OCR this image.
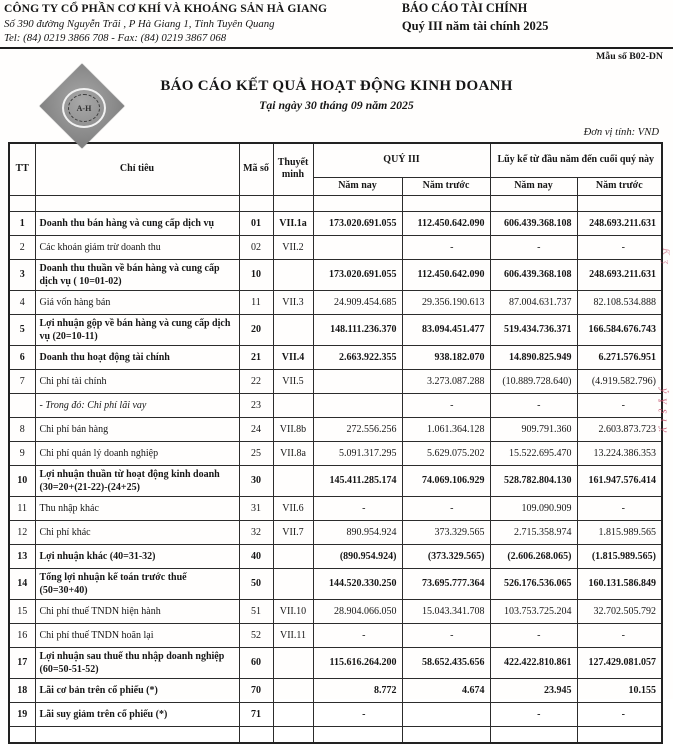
CÔNG TY CỔ PHẦN CƠ KHÍ VÀ KHOÁNG SẢN HÀ GIANG
Số 390 đường Nguyễn Trãi , P Hà Giang 1, Tỉnh Tuyên Quang
Tel: (84) 0219 3866 708 - Fax: (84) 0219 3867 068
BÁO CÁO TÀI CHÍNH
Quý III năm tài chính 2025
Mẫu số B02-DN
A-H
BÁO CÁO KẾT QUẢ HOẠT ĐỘNG KINH DOANH
Tại ngày 30 tháng 09 năm 2025
Đơn vị tính: VND
TT	Chỉ tiêu	Mã số	Thuyết minh	QUÝ III		Lũy kế từ đầu năm đến cuối quý này	
				Năm nay	Năm trước	Năm nay	Năm trước

1	Doanh thu bán hàng và cung cấp dịch vụ	01	VII.1a	173.020.691.055	112.450.642.090	606.439.368.108	248.693.211.631
2	Các khoản giảm trừ doanh thu	02	VII.2		-	-	-
3	Doanh thu thuần về bán hàng và cung cấp dịch vụ ( 10=01-02)	10		173.020.691.055	112.450.642.090	606.439.368.108	248.693.211.631
4	Giá vốn hàng bán	11	VII.3	24.909.454.685	29.356.190.613	87.004.631.737	82.108.534.888
5	Lợi nhuận gộp về bán hàng và cung cấp dịch vụ (20=10-11)	20		148.111.236.370	83.094.451.477	519.434.736.371	166.584.676.743
6	Doanh thu hoạt động tài chính	21	VII.4	2.663.922.355	938.182.070	14.890.825.949	6.271.576.951
7	Chi phí tài chính	22	VII.5		3.273.087.288	(10.889.728.640)	(4.919.582.796)
	- Trong đó: Chi phí lãi vay	23			-	-	-
8	Chi phí bán hàng	24	VII.8b	272.556.256	1.061.364.128	909.791.360	2.603.873.723
9	Chi phí quản lý doanh nghiệp	25	VII.8a	5.091.317.295	5.629.075.202	15.522.695.470	13.224.386.353
10	Lợi nhuận thuần từ hoạt động kinh doanh (30=20+(21-22)-(24+25)	30		145.411.285.174	74.069.106.929	528.782.804.130	161.947.576.414
11	Thu nhập khác	31	VII.6	-	-	109.090.909	-
12	Chi phí khác	32	VII.7	890.954.924	373.329.565	2.715.358.974	1.815.989.565
13	Lợi nhuận khác (40=31-32)	40		(890.954.924)	(373.329.565)	(2.606.268.065)	(1.815.989.565)
14	Tổng lợi nhuận kế toán trước thuế (50=30+40)	50		144.520.330.250	73.695.777.364	526.176.536.065	160.131.586.849
15	Chi phí thuế TNDN hiện hành	51	VII.10	28.904.066.050	15.043.341.708	103.753.725.204	32.702.505.792
16	Chi phí thuế TNDN hoãn lại	52	VII.11	-	-	-	-
17	Lợi nhuận sau thuế thu nhập doanh nghiệp (60=50-51-52)	60		115.616.264.200	58.652.435.656	422.422.810.861	127.429.081.057
18	Lãi cơ bản trên cổ phiếu (*)	70		8.772	4.674	23.945	10.155
19	Lãi suy giảm trên cổ phiếu (*)	71		-		-	-

ỷɣʂɩỵ
Ƙʒ
